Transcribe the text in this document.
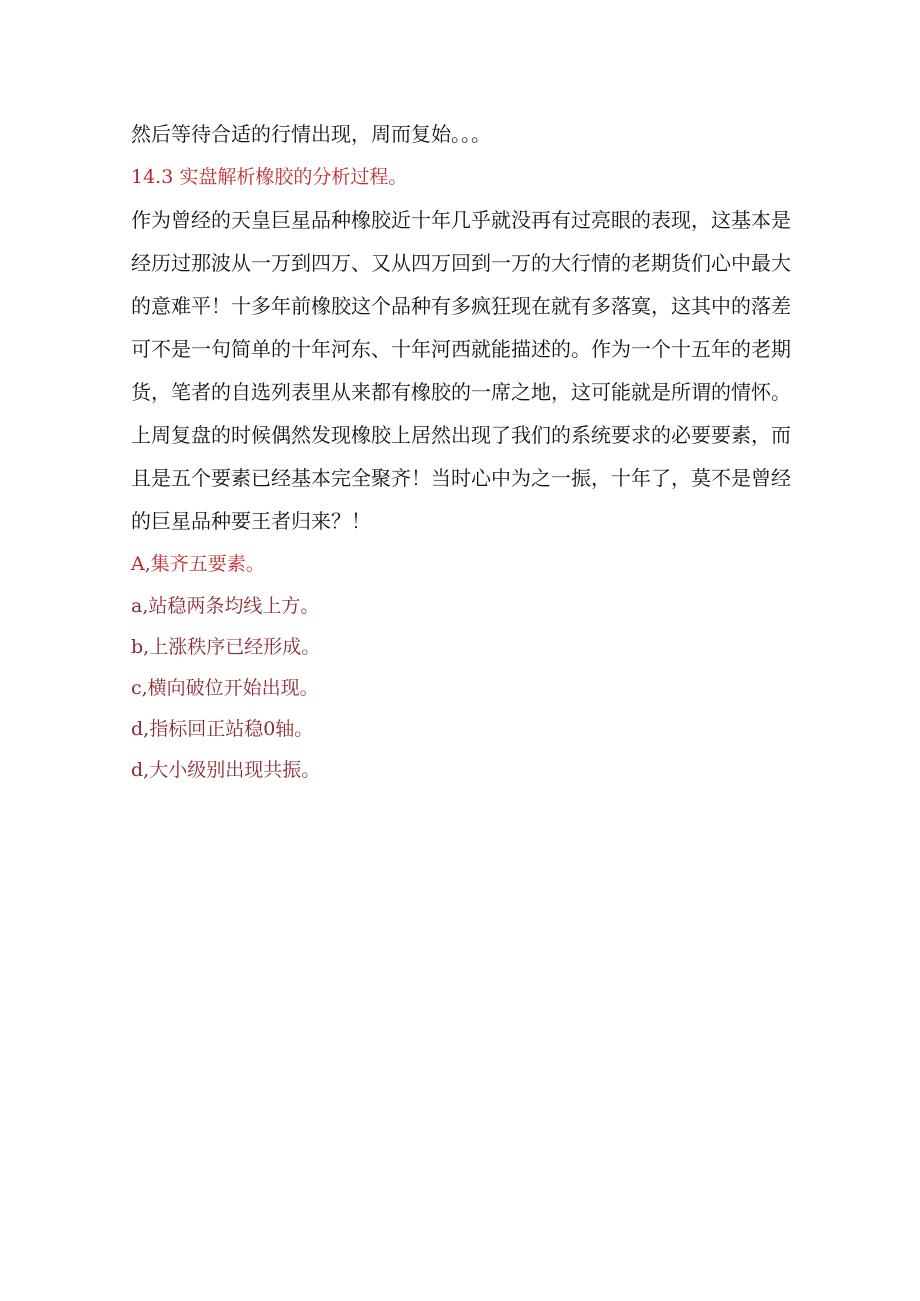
然后等待合适的行情出现，周而复始。。。

14.3 实盘解析橡胶的分析过程。

作为曾经的天皇巨星品种橡胶近十年几乎就没再有过亮眼的表现，这基本是

经历过那波从一万到四万、又从四万回到一万的大行情的老期货们心中最大

的意难平！十多年前橡胶这个品种有多疯狂现在就有多落寞，这其中的落差

可不是一句简单的十年河东、十年河西就能描述的。作为一个十五年的老期

货，笔者的自选列表里从来都有橡胶的一席之地，这可能就是所谓的情怀。

上周复盘的时候偶然发现橡胶上居然出现了我们的系统要求的必要要素，而

且是五个要素已经基本完全聚齐！当时心中为之一振，十年了，莫不是曾经

的巨星品种要王者归来？！

A,集齐五要素。

a,站稳两条均线上方。

b,上涨秩序已经形成。

c,横向破位开始出现。

d,指标回正站稳0轴。

d,大小级别出现共振。
